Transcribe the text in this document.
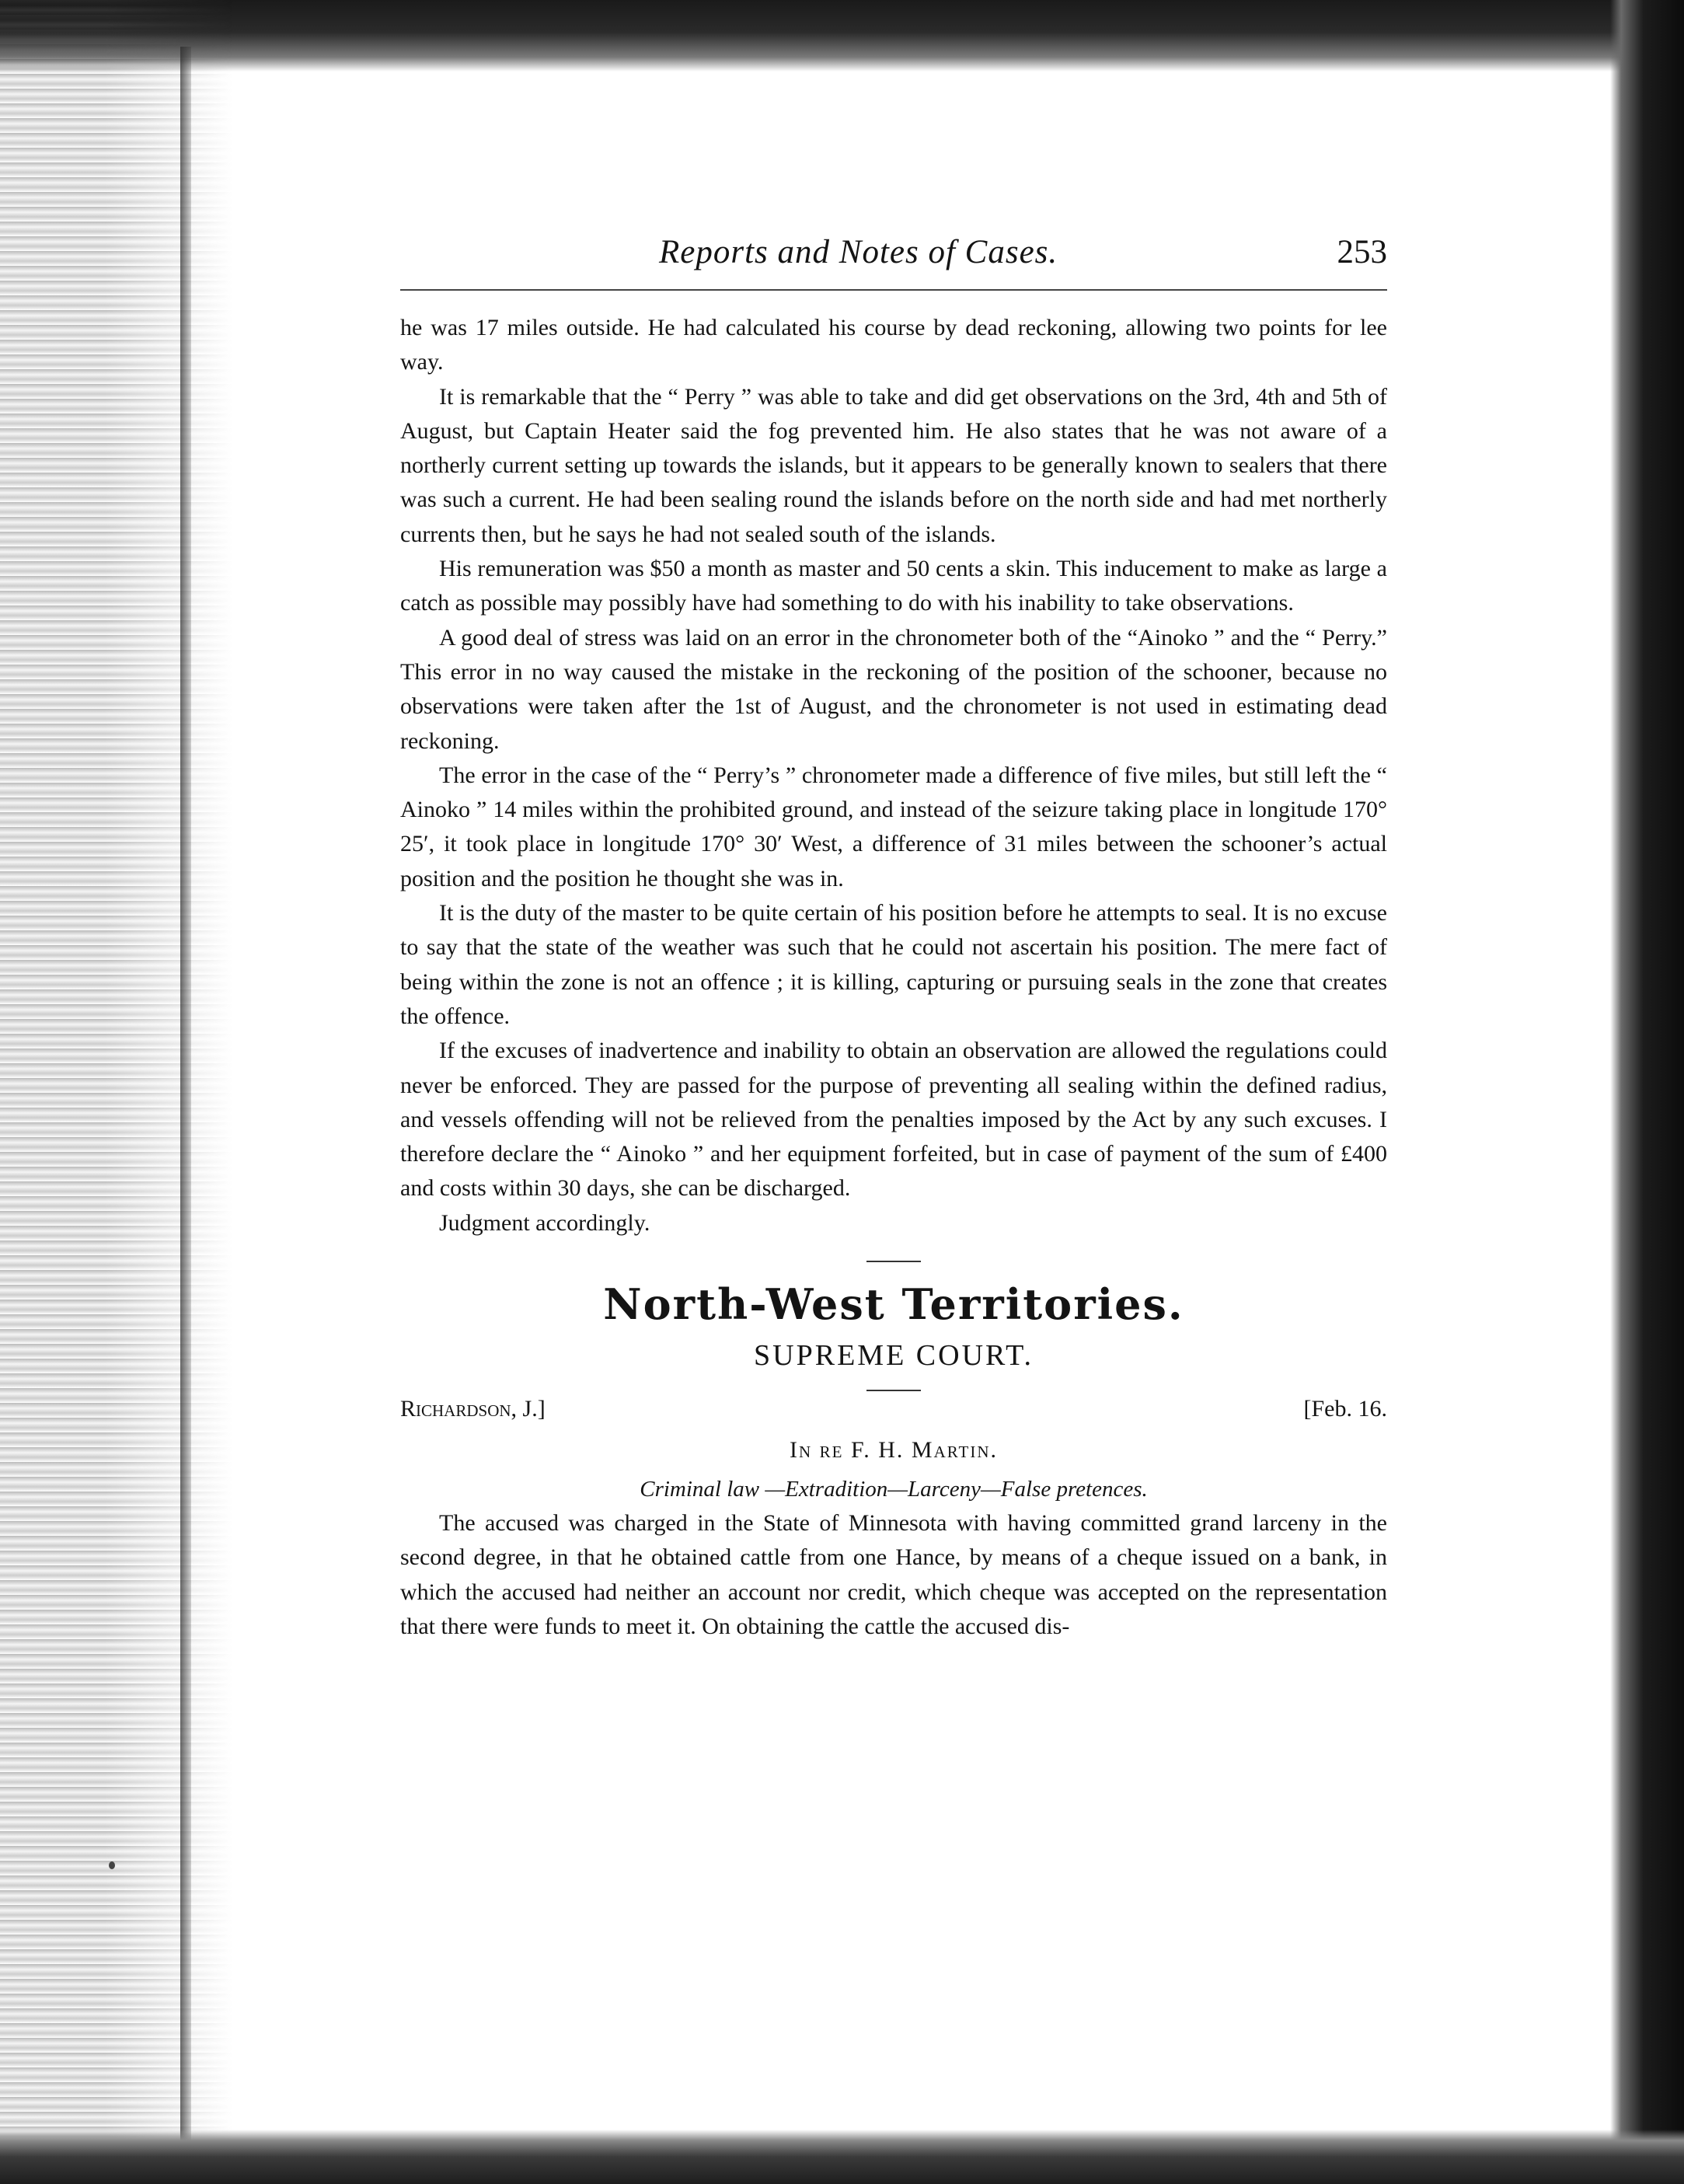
Reports and Notes of Cases.	253

he was 17 miles outside. He had calculated his course by dead reckoning, allowing two points for lee way.

It is remarkable that the “ Perry ” was able to take and did get observations on the 3rd, 4th and 5th of August, but Captain Heater said the fog prevented him. He also states that he was not aware of a northerly current setting up towards the islands, but it appears to be generally known to sealers that there was such a current. He had been sealing round the islands before on the north side and had met northerly currents then, but he says he had not sealed south of the islands.

His remuneration was $50 a month as master and 50 cents a skin. This inducement to make as large a catch as possible may possibly have had something to do with his inability to take observations.

A good deal of stress was laid on an error in the chronometer both of the “Ainoko ” and the “ Perry.” This error in no way caused the mistake in the reckoning of the position of the schooner, because no observations were taken after the 1st of August, and the chronometer is not used in estimating dead reckoning.

The error in the case of the “ Perry’s ” chronometer made a difference of five miles, but still left the “ Ainoko ” 14 miles within the prohibited ground, and instead of the seizure taking place in longitude 170° 25′, it took place in longitude 170° 30′ West, a difference of 31 miles between the schooner’s actual position and the position he thought she was in.

It is the duty of the master to be quite certain of his position before he attempts to seal. It is no excuse to say that the state of the weather was such that he could not ascertain his position. The mere fact of being within the zone is not an offence ; it is killing, capturing or pursuing seals in the zone that creates the offence.

If the excuses of inadvertence and inability to obtain an observation are allowed the regulations could never be enforced. They are passed for the purpose of preventing all sealing within the defined radius, and vessels offending will not be relieved from the penalties imposed by the Act by any such excuses. I therefore declare the “ Ainoko ” and her equipment forfeited, but in case of payment of the sum of £400 and costs within 30 days, she can be discharged.

Judgment accordingly.

North-West Territories.
SUPREME COURT.
Richardson, J.]	[Feb. 16.
In re F. H. Martin.
Criminal law —Extradition—Larceny—False pretences.

The accused was charged in the State of Minnesota with having committed grand larceny in the second degree, in that he obtained cattle from one Hance, by means of a cheque issued on a bank, in which the accused had neither an account nor credit, which cheque was accepted on the representation that there were funds to meet it. On obtaining the cattle the accused dis-
